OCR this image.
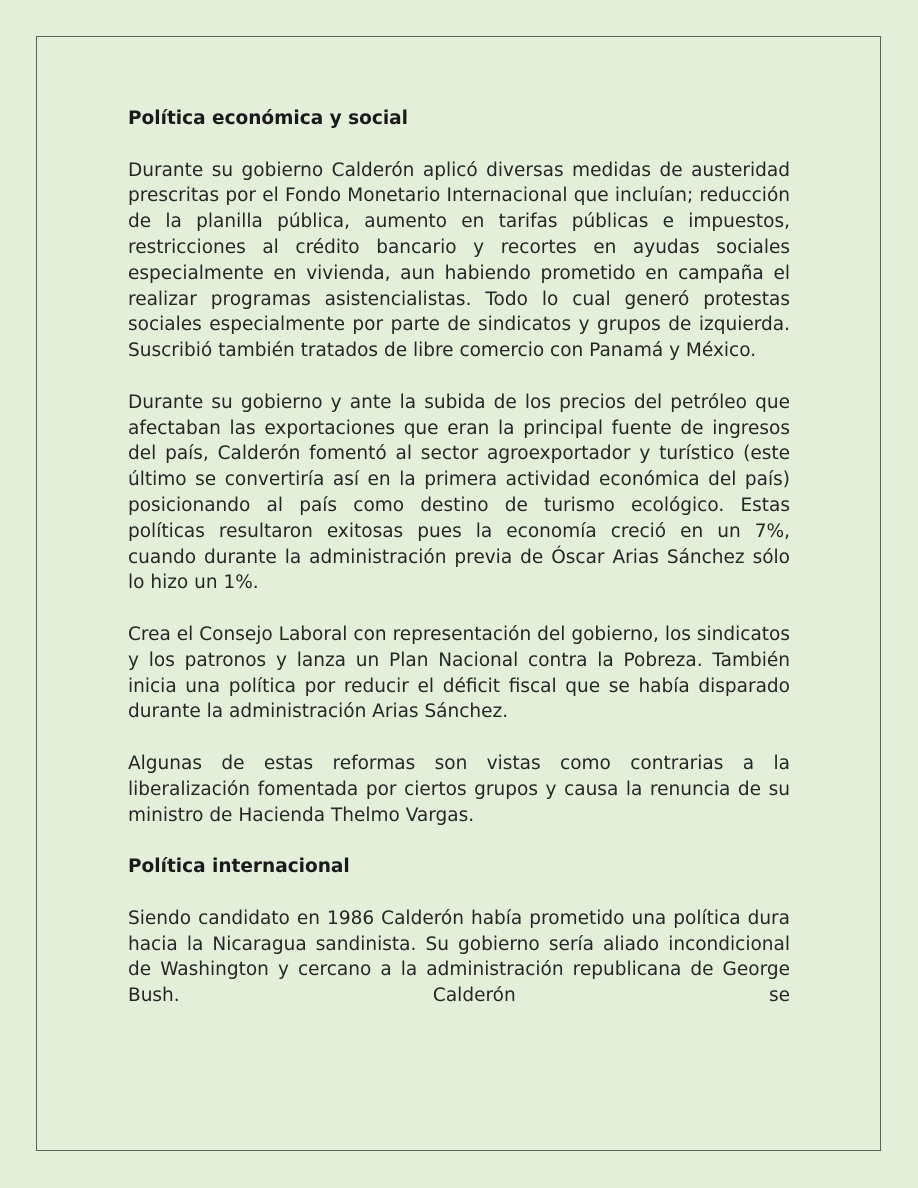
Política económica y social

Durante su gobierno Calderón aplicó diversas medidas de austeridad prescritas por el Fondo Monetario Internacional que incluían; reducción de la planilla pública, aumento en tarifas públicas e impuestos, restricciones al crédito bancario y recortes en ayudas sociales especialmente en vivienda, aun habiendo prometido en campaña el realizar programas asistencialistas. Todo lo cual generó protestas sociales especialmente por parte de sindicatos y grupos de izquierda. Suscribió también tratados de libre comercio con Panamá y México.

Durante su gobierno y ante la subida de los precios del petróleo que afectaban las exportaciones que eran la principal fuente de ingresos del país, Calderón fomentó al sector agroexportador y turístico (este último se convertiría así en la primera actividad económica del país) posicionando al país como destino de turismo ecológico. Estas políticas resultaron exitosas pues la economía creció en un 7%, cuando durante la administración previa de Óscar Arias Sánchez sólo lo hizo un 1%.

Crea el Consejo Laboral con representación del gobierno, los sindicatos y los patronos y lanza un Plan Nacional contra la Pobreza. También inicia una política por reducir el déficit fiscal que se había disparado durante la administración Arias Sánchez.

Algunas de estas reformas son vistas como contrarias a la liberalización fomentada por ciertos grupos y causa la renuncia de su ministro de Hacienda Thelmo Vargas.

Política internacional

Siendo candidato en 1986 Calderón había prometido una política dura hacia la Nicaragua sandinista. Su gobierno sería aliado incondicional de Washington y cercano a la administración republicana de George Bush. Calderón se
